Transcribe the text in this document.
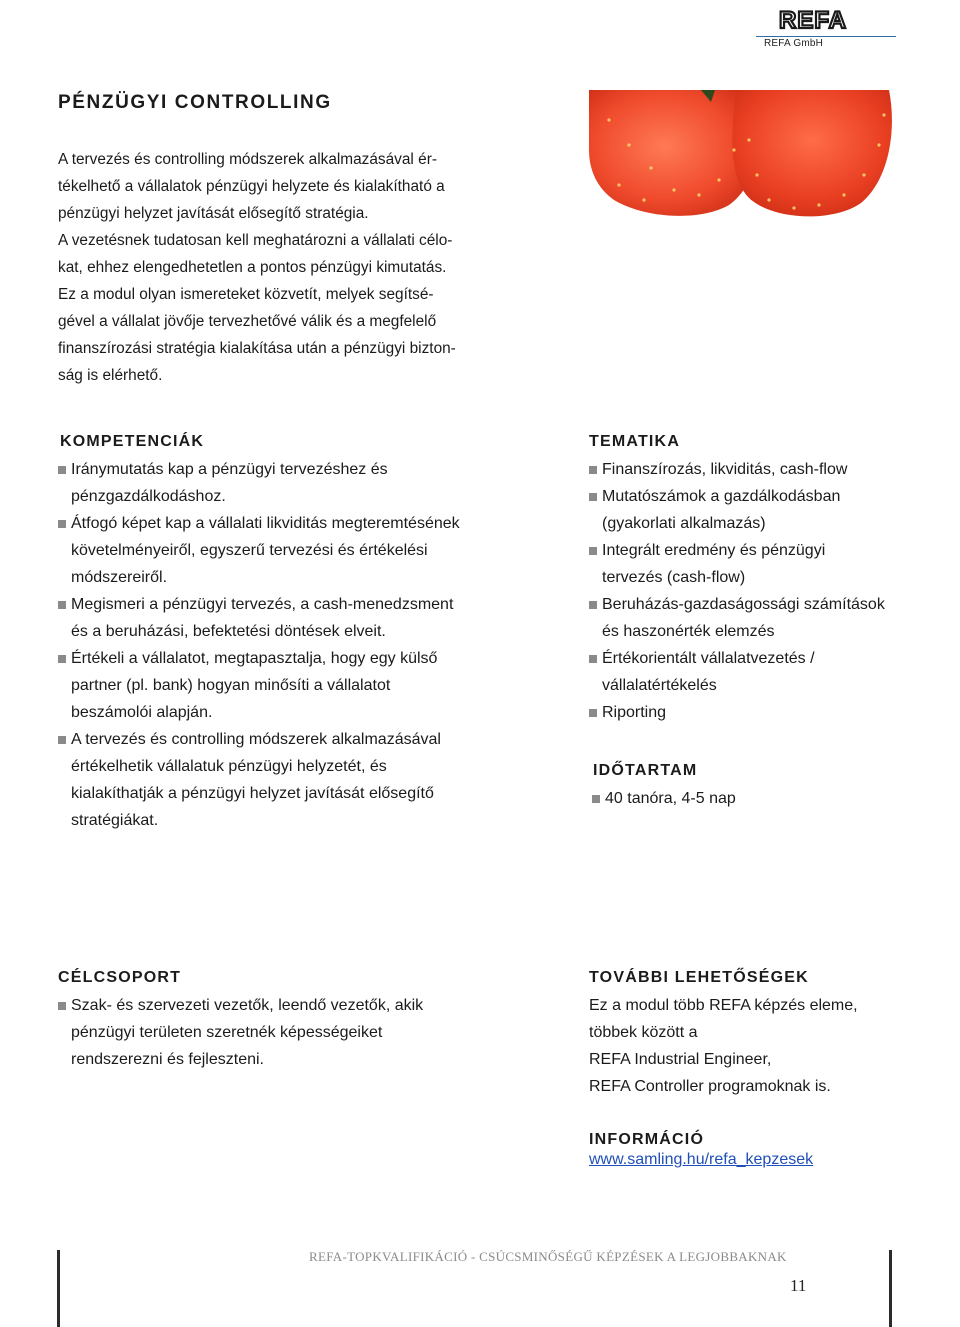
REFA
REFA GmbH
PÉNZÜGYI CONTROLLING

A tervezés és controlling módszerek alkalmazásával ér-

tékelhető a vállalatok pénzügyi helyzete és kialakítható a

pénzügyi helyzet javítását elősegítő stratégia.

A vezetésnek tudatosan kell meghatározni a vállalati célo-

kat, ehhez elengedhetetlen a pontos pénzügyi kimutatás.

Ez a modul olyan ismereteket közvetít, melyek segítsé-

gével a vállalat jövője tervezhetővé válik és a megfelelő

finanszírozási stratégia kialakítása után a pénzügyi bizton-

ság is elérhető.

KOMPETENCIÁK
Iránymutatás kap a pénzügyi tervezéshez és
pénzgazdálkodáshoz.
Átfogó képet kap a vállalati likviditás megteremtésének
követelményeiről, egyszerű tervezési és értékelési
módszereiről.
Megismeri a pénzügyi tervezés, a cash-menedzsment
és a beruházási, befektetési döntések elveit.
Értékeli a vállalatot, megtapasztalja, hogy egy külső
partner (pl. bank) hogyan minősíti a vállalatot
beszámolói alapján.
A tervezés és controlling módszerek alkalmazásával
értékelhetik vállalatuk pénzügyi helyzetét, és
kialakíthatják a pénzügyi helyzet javítását elősegítő
stratégiákat.
TEMATIKA
Finanszírozás, likviditás, cash-flow
Mutatószámok a gazdálkodásban
(gyakorlati alkalmazás)
Integrált eredmény és pénzügyi
tervezés (cash-flow)
Beruházás-gazdaságossági számítások
és haszonérték elemzés
Értékorientált vállalatvezetés /
vállalatértékelés
Riporting
IDŐTARTAM
40 tanóra, 4-5 nap
CÉLCSOPORT
Szak- és szervezeti vezetők, leendő vezetők, akik
pénzügyi területen szeretnék képességeiket
rendszerezni és fejleszteni.
TOVÁBBI LEHETŐSÉGEK
Ez a modul több REFA képzés eleme,
többek között a
REFA Industrial Engineer,
REFA Controller programoknak is.
INFORMÁCIÓ
www.samling.hu/refa_kepzesek
REFA-TOPKVALIFIKÁCIÓ - CSÚCSMINŐSÉGŰ KÉPZÉSEK A LEGJOBBAKNAK
11
